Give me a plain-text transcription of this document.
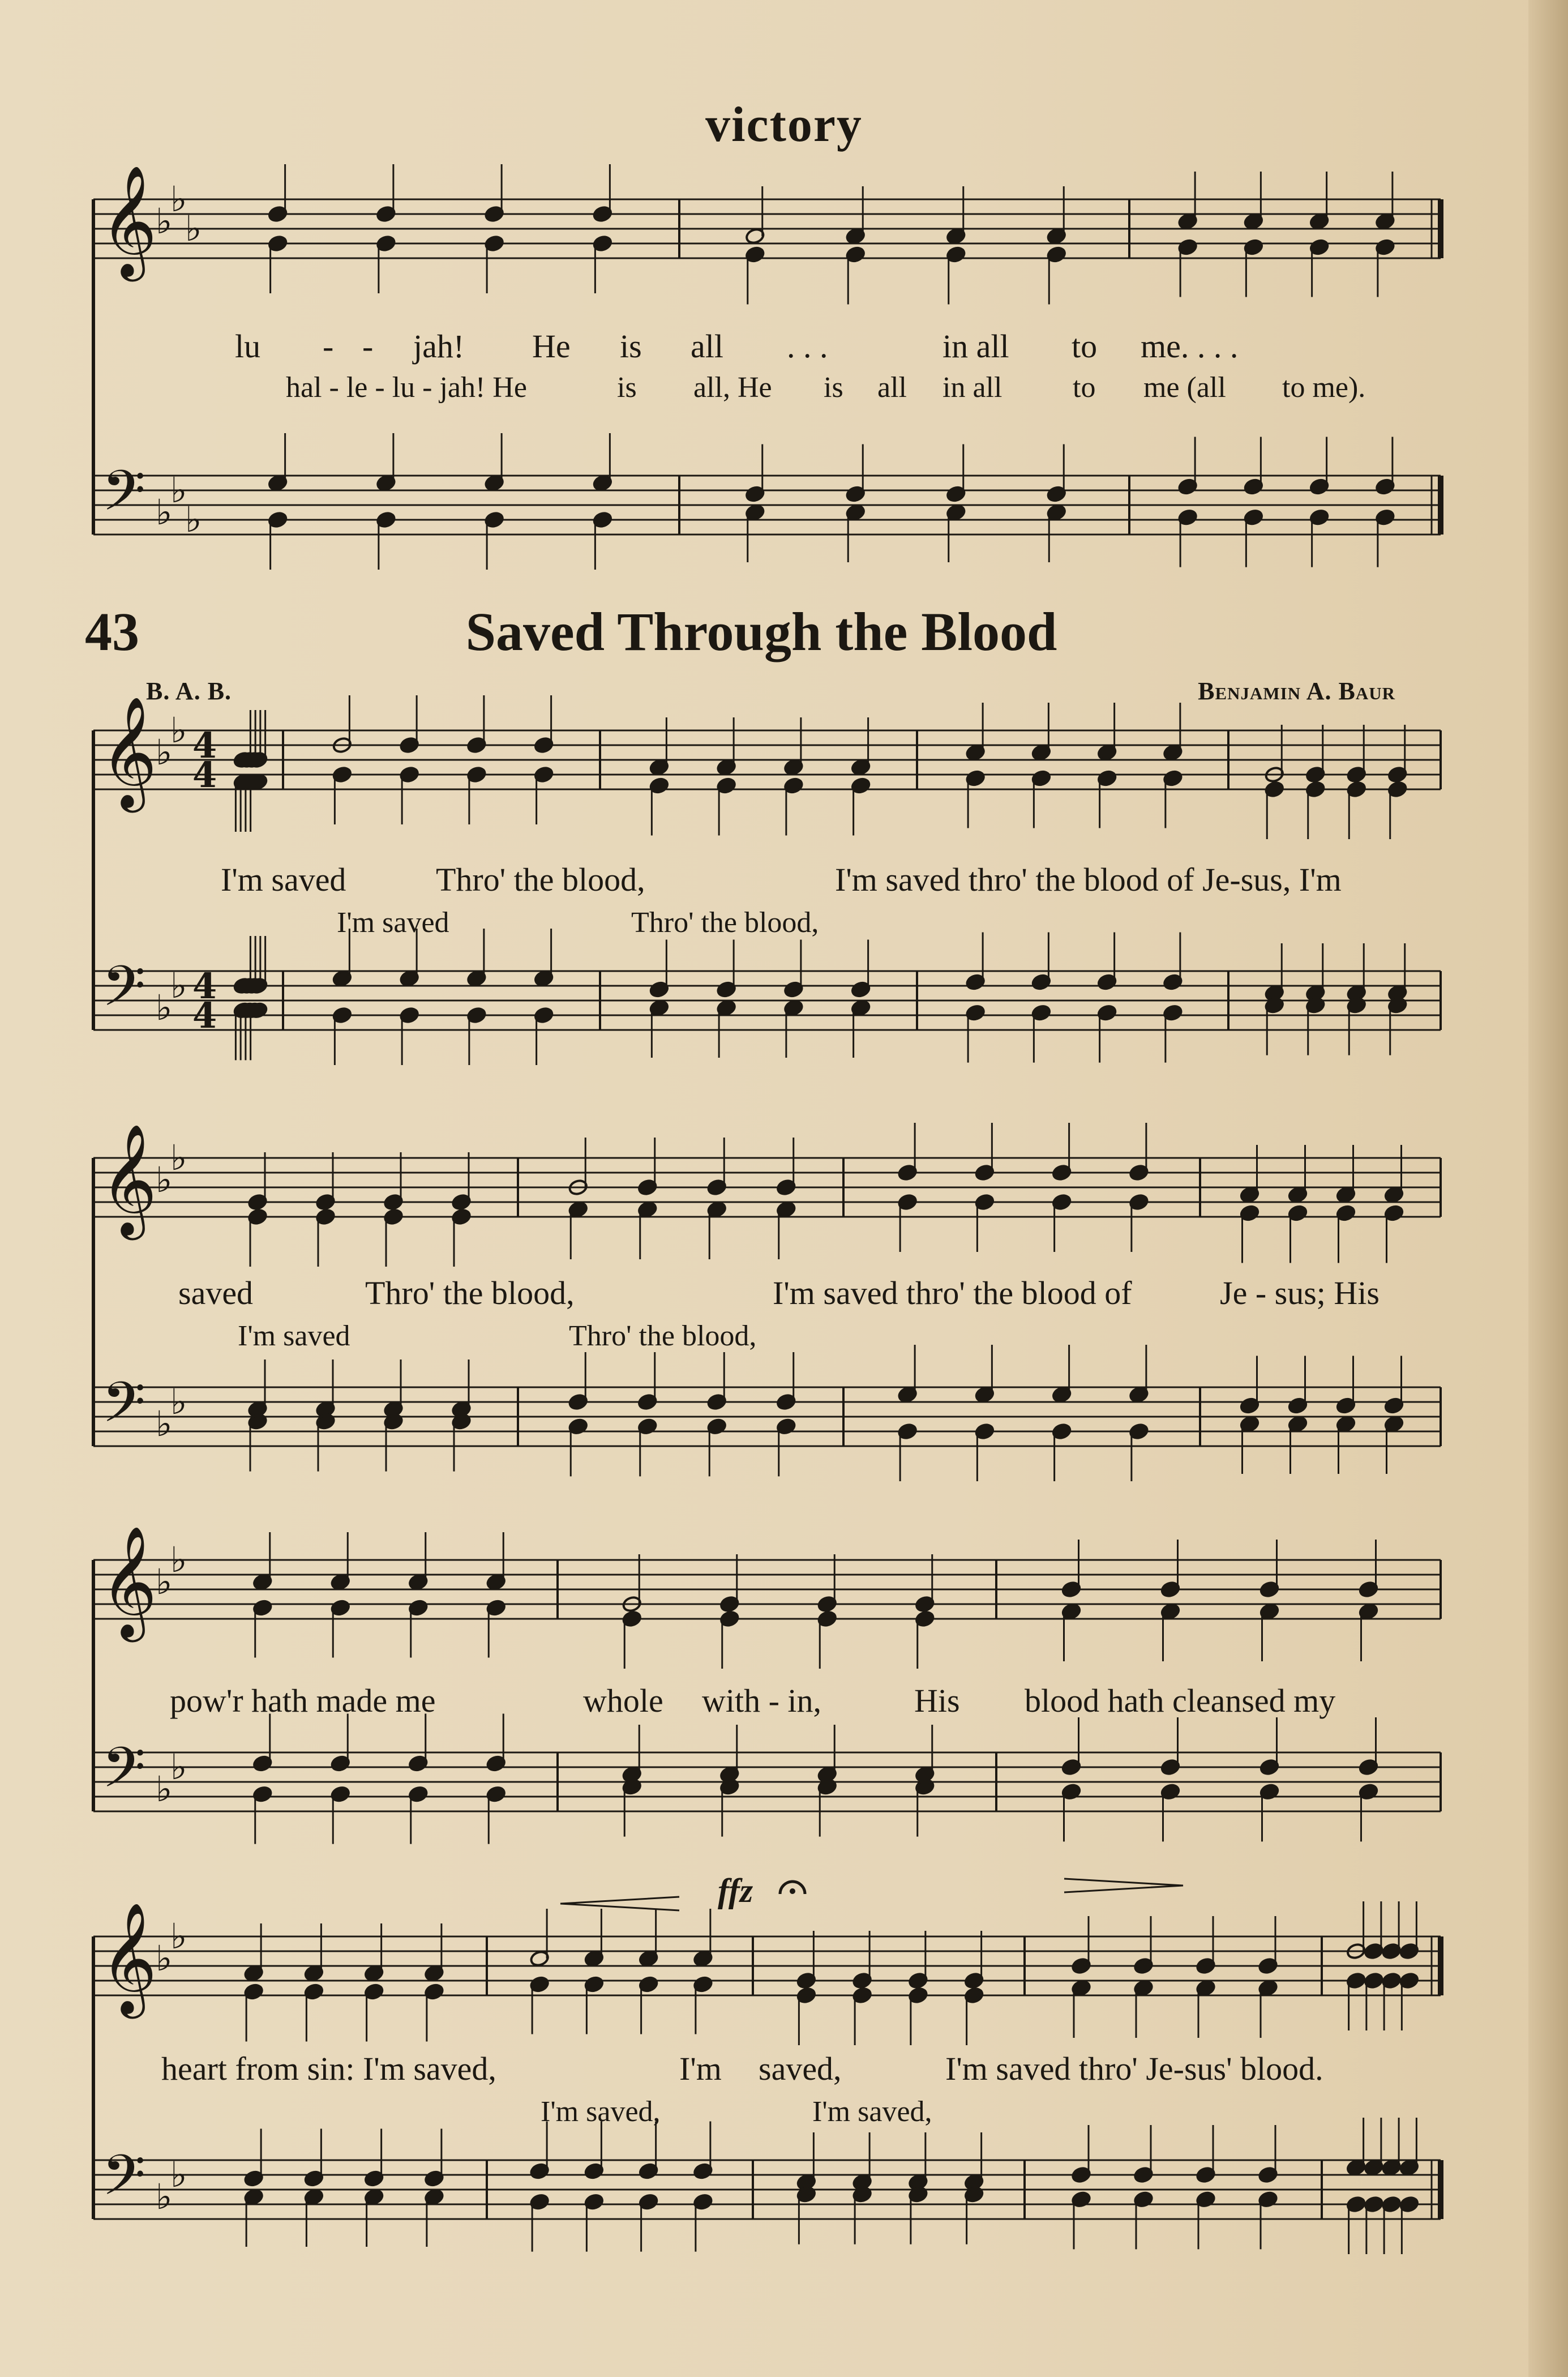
victory
43	Saved Through the Blood
B. A. B.	Benjamin A. Baur
𝄞
𝄢
♭
♭
♭
♭
♭
♭
𝄞
𝄢
♭
♭
♭
♭
4
4
4
4
𝄞
𝄢
♭
♭
♭
♭
𝄞
𝄢
♭
♭
♭
♭
𝄞
𝄢
♭
♭
♭
♭
lu - - jah! He is all . . .	in all to me. . . .
hal - le - lu - jah! He	is all, He is all in all to me (all to me).
I'm saved	Thro' the blood,	I'm saved thro' the blood of Je-sus, I'm
I'm saved	Thro' the blood,
saved	Thro' the blood,	I'm saved thro' the blood of	Je - sus; His
I'm saved	Thro' the blood,
pow'r hath made me	whole with - in,	His blood hath cleansed my
heart from sin: I'm saved,	I'm saved,	I'm saved thro' Je-sus' blood.
I'm saved,	I'm saved,
ffz
